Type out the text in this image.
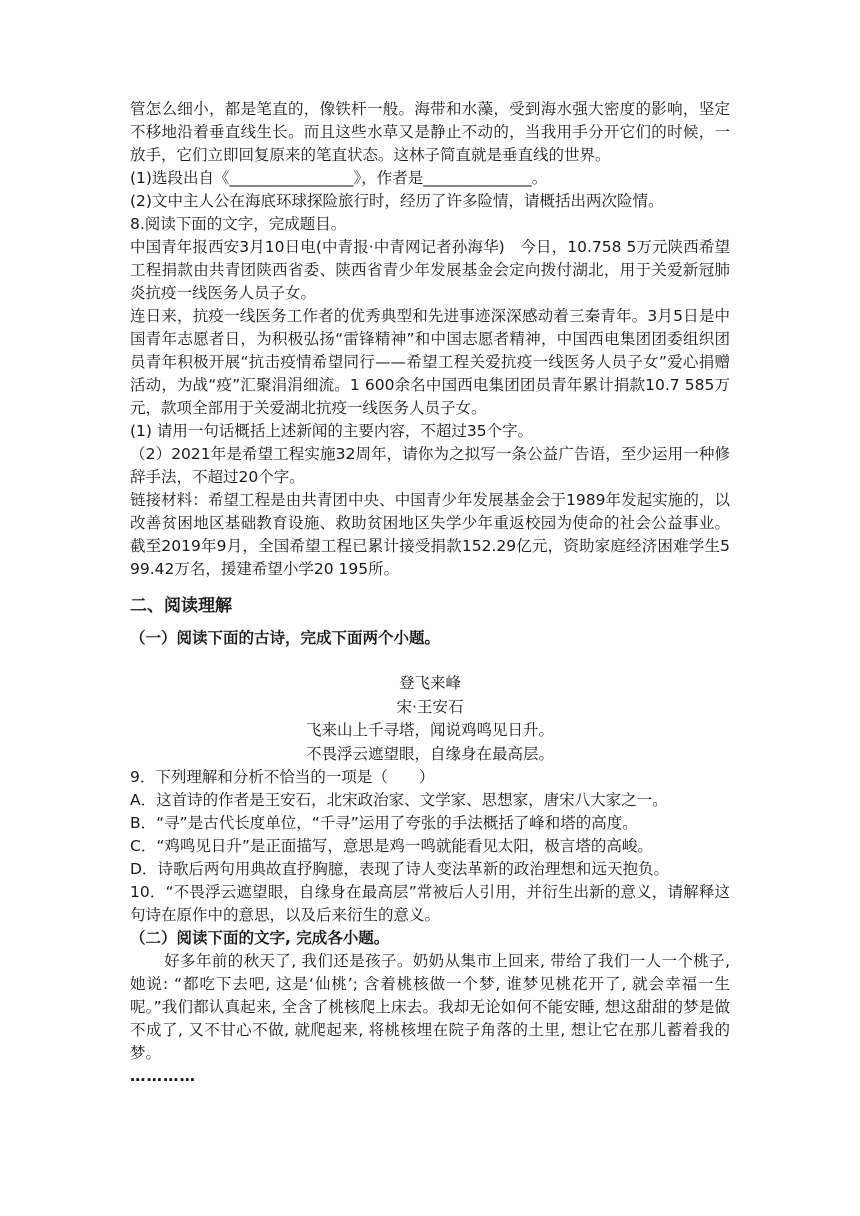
管怎么细小，都是笔直的，像铁杆一般。海带和水藻，受到海水强大密度的影响，坚定不移地沿着垂直线生长。而且这些水草又是静止不动的，当我用手分开它们的时候，一放手，它们立即回复原来的笔直状态。这林子简直就是垂直线的世界。

(1)选段出自《________________》，作者是______________。

(2)文中主人公在海底环球探险旅行时，经历了许多险情，请概括出两次险情。

8.阅读下面的文字，完成题目。

中国青年报西安3月10日电(中青报·中青网记者孙海华)　今日，10.758 5万元陕西希望工程捐款由共青团陕西省委、陕西省青少年发展基金会定向拨付湖北，用于关爱新冠肺炎抗疫一线医务人员子女。

连日来，抗疫一线医务工作者的优秀典型和先进事迹深深感动着三秦青年。3月5日是中国青年志愿者日，为积极弘扬“雷锋精神”和中国志愿者精神，中国西电集团团委组织团员青年积极开展“抗击疫情希望同行——希望工程关爱抗疫一线医务人员子女”爱心捐赠活动，为战“疫”汇聚涓涓细流。1 600余名中国西电集团团员青年累计捐款10.7 585万元，款项全部用于关爱湖北抗疫一线医务人员子女。

(1) 请用一句话概括上述新闻的主要内容，不超过35个字。

（2）2021年是希望工程实施32周年，请你为之拟写一条公益广告语，至少运用一种修辞手法，不超过20个字。

链接材料：希望工程是由共青团中央、中国青少年发展基金会于1989年发起实施的，以改善贫困地区基础教育设施、救助贫困地区失学少年重返校园为使命的社会公益事业。截至2019年9月，全国希望工程已累计接受捐款152.29亿元，资助家庭经济困难学生599.42万名，援建希望小学20 195所。

二、阅读理解

（一）阅读下面的古诗，完成下面两个小题。

登飞来峰

宋·王安石

飞来山上千寻塔，闻说鸡鸣见日升。

不畏浮云遮望眼，自缘身在最高层。

9．下列理解和分析不恰当的一项是（　　）

A．这首诗的作者是王安石，北宋政治家、文学家、思想家，唐宋八大家之一。

B．“寻”是古代长度单位，“千寻”运用了夸张的手法概括了峰和塔的高度。

C．“鸡鸣见日升”是正面描写，意思是鸡一鸣就能看见太阳，极言塔的高峻。

D．诗歌后两句用典故直抒胸臆，表现了诗人变法革新的政治理想和远天抱负。

10．“不畏浮云遮望眼，自缘身在最高层”常被后人引用，并衍生出新的意义，请解释这句诗在原作中的意思，以及后来衍生的意义。

（二）阅读下面的文字, 完成各小题。

好多年前的秋天了, 我们还是孩子。奶奶从集市上回来, 带给了我们一人一个桃子, 她说: “都吃下去吧, 这是‘仙桃’; 含着桃核做一个梦, 谁梦见桃花开了, 就会幸福一生呢。”我们都认真起来, 全含了桃核爬上床去。我却无论如何不能安睡, 想这甜甜的梦是做不成了, 又不甘心不做, 就爬起来, 将桃核埋在院子角落的土里, 想让它在那儿蓄着我的梦。

…………
